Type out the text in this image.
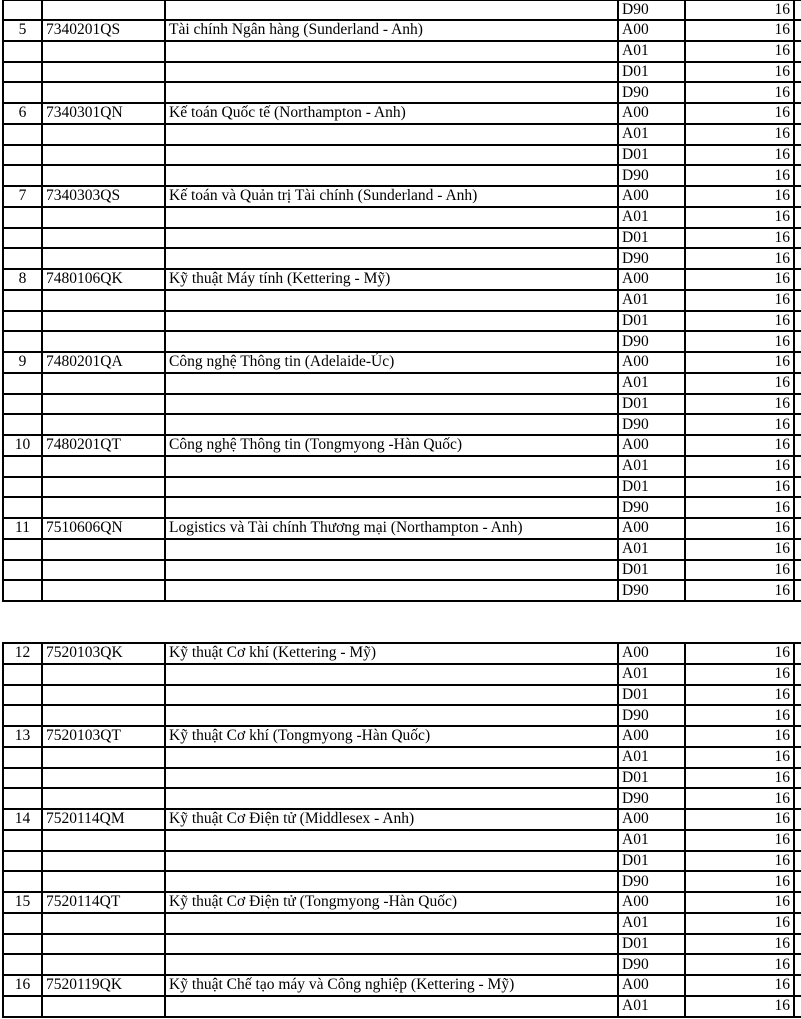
			D90	16	
5	7340201QS	Tài chính Ngân hàng (Sunderland - Anh)	A00	16	
			A01	16	
			D01	16	
			D90	16	
6	7340301QN	Kế toán Quốc tế (Northampton - Anh)	A00	16	
			A01	16	
			D01	16	
			D90	16	
7	7340303QS	Kế toán và Quản trị Tài chính (Sunderland - Anh)	A00	16	
			A01	16	
			D01	16	
			D90	16	
8	7480106QK	Kỹ thuật Máy tính (Kettering - Mỹ)	A00	16	
			A01	16	
			D01	16	
			D90	16	
9	7480201QA	Công nghệ Thông tin (Adelaide-Úc)	A00	16	
			A01	16	
			D01	16	
			D90	16	
10	7480201QT	Công nghệ Thông tin (Tongmyong -Hàn Quốc)	A00	16	
			A01	16	
			D01	16	
			D90	16	
11	7510606QN	Logistics và Tài chính Thương mại (Northampton - Anh)	A00	16	
			A01	16	
			D01	16	
			D90	16	
12	7520103QK	Kỹ thuật Cơ khí (Kettering - Mỹ)	A00	16	
			A01	16	
			D01	16	
			D90	16	
13	7520103QT	Kỹ thuật Cơ khí (Tongmyong -Hàn Quốc)	A00	16	
			A01	16	
			D01	16	
			D90	16	
14	7520114QM	Kỹ thuật Cơ Điện tử (Middlesex - Anh)	A00	16	
			A01	16	
			D01	16	
			D90	16	
15	7520114QT	Kỹ thuật Cơ Điện tử (Tongmyong -Hàn Quốc)	A00	16	
			A01	16	
			D01	16	
			D90	16	
16	7520119QK	Kỹ thuật Chế tạo máy và Công nghiệp (Kettering - Mỹ)	A00	16	
			A01	16	
